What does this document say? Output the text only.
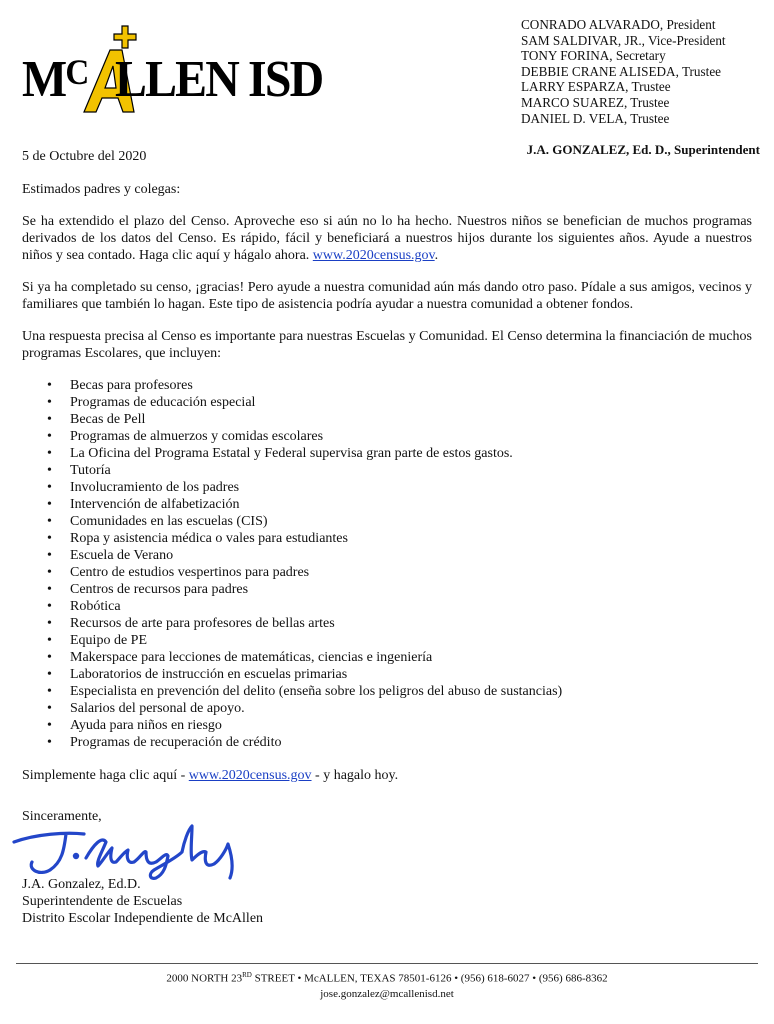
$M^C$ LLEN ISD
CONRADO ALVARADO, President
SAM SALDIVAR, JR., Vice-President
TONY FORINA, Secretary
DEBBIE CRANE ALISEDA, Trustee
LARRY ESPARZA, Trustee
MARCO SUAREZ, Trustee
DANIEL D. VELA, Trustee
J.A. GONZALEZ, Ed. D., Superintendent
5 de Octubre del 2020

Estimados padres y colegas:

Se ha extendido el plazo del Censo. Aproveche eso si aún no lo ha hecho. Nuestros niños se benefician de muchos programas derivados de los datos del Censo. Es rápido, fácil y beneficiará a nuestros hijos durante los siguientes años. Ayude a nuestros niños y sea contado. Haga clic aquí y hágalo ahora. www.2020census.gov.

Si ya ha completado su censo, ¡gracias! Pero ayude a nuestra comunidad aún más dando otro paso. Pídale a sus amigos, vecinos y familiares que también lo hagan. Este tipo de asistencia podría ayudar a nuestra comunidad a obtener fondos.

Una respuesta precisa al Censo es importante para nuestras Escuelas y Comunidad. El Censo determina la financiación de muchos programas Escolares, que incluyen:

• Becas para profesores
• Programas de educación especial
• Becas de Pell
• Programas de almuerzos y comidas escolares
• La Oficina del Programa Estatal y Federal supervisa gran parte de estos gastos.
• Tutoría
• Involucramiento de los padres
• Intervención de alfabetización
• Comunidades en las escuelas (CIS)
• Ropa y asistencia médica o vales para estudiantes
• Escuela de Verano
• Centro de estudios vespertinos para padres
• Centros de recursos para padres
• Robótica
• Recursos de arte para profesores de bellas artes
• Equipo de PE
• Makerspace para lecciones de matemáticas, ciencias e ingeniería
• Laboratorios de instrucción en escuelas primarias
• Especialista en prevención del delito (enseña sobre los peligros del abuso de sustancias)
• Salarios del personal de apoyo.
• Ayuda para niños en riesgo
• Programas de recuperación de crédito

Simplemente haga clic aquí - www.2020census.gov - y hagalo hoy.

Sinceramente,
J.A. Gonzalez, Ed.D.
Superintendente de Escuelas
Distrito Escolar Independiente de McAllen
2000 NORTH 23RD STREET • McALLEN, TEXAS 78501-6126 • (956) 618-6027 • (956) 686-8362
jose.gonzalez@mcallenisd.net
